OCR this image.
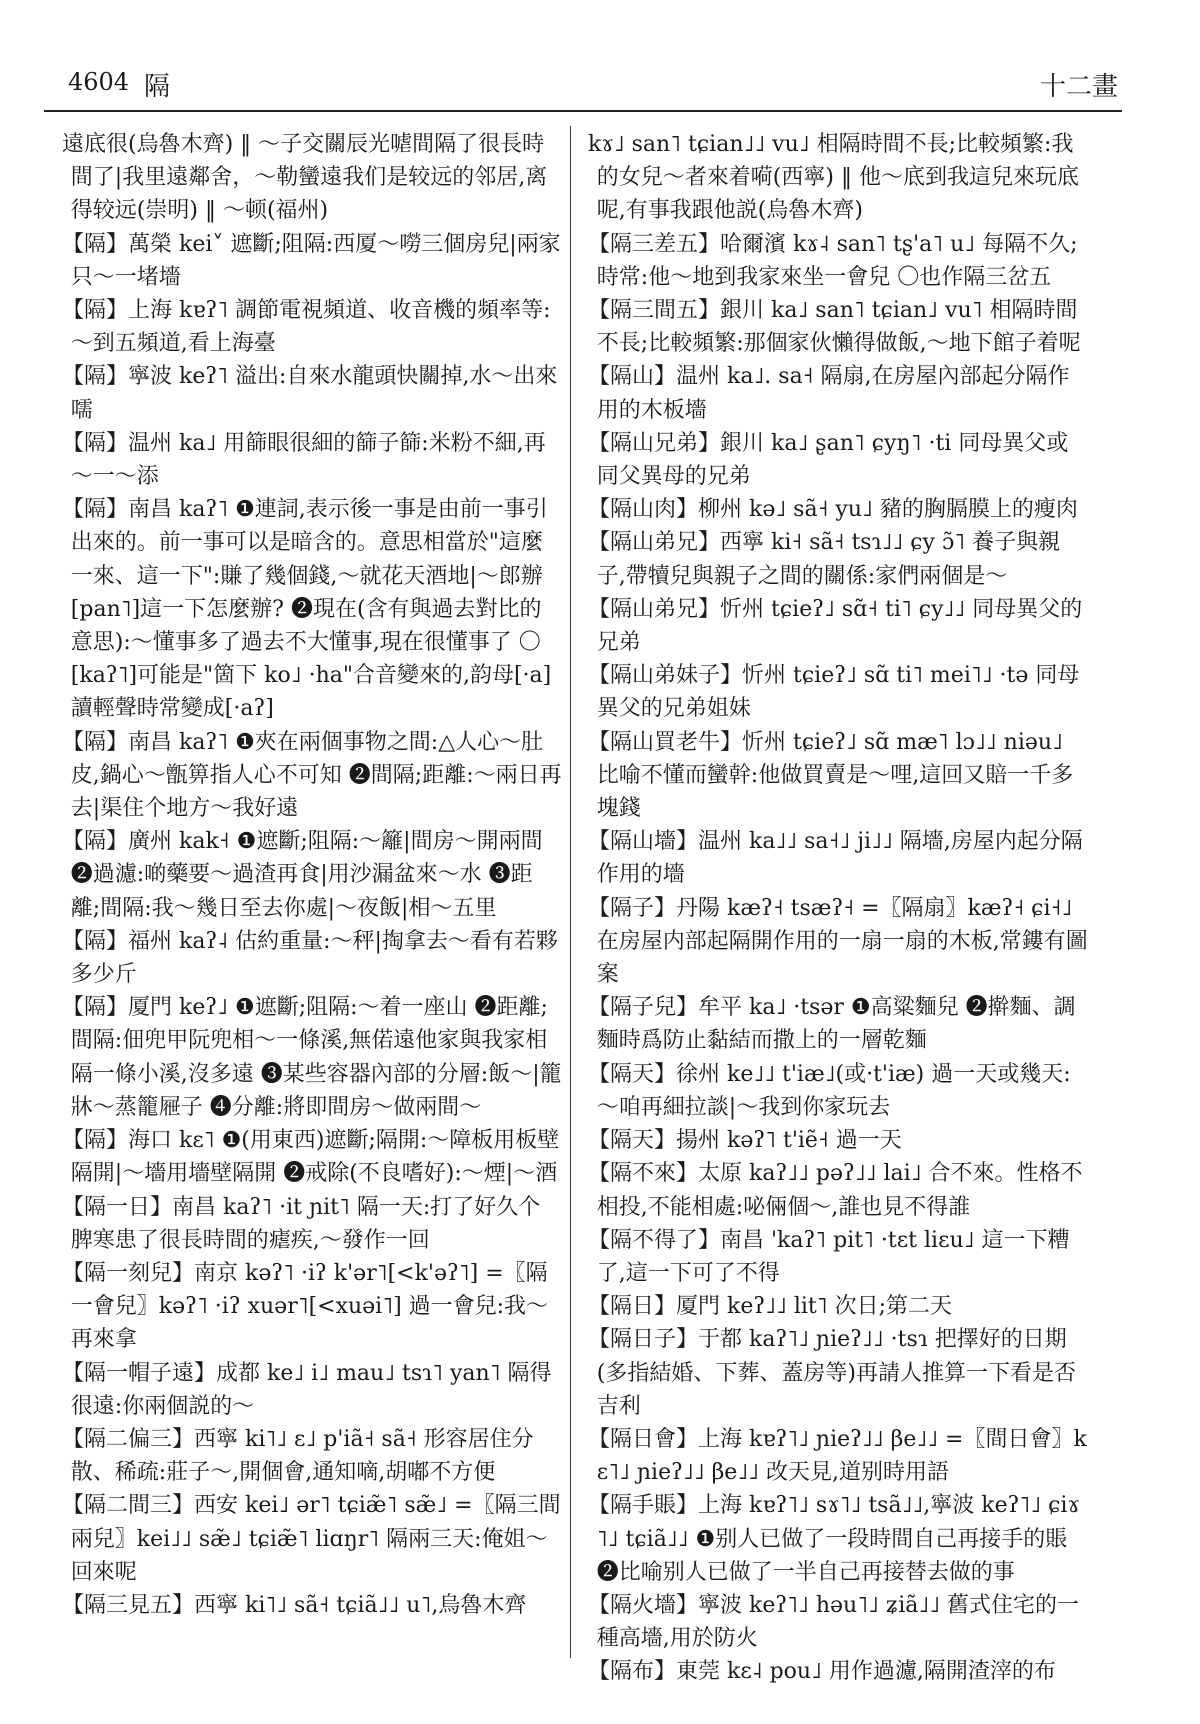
4604 隔	十二畫
遠底很(烏魯木齊) ‖ ～子交關辰光㖸間隔了很長時間了|我里遠鄰舍，～勒蠻遠我们是较远的邻居,离得较远(崇明) ‖ ～顿(福州)
【隔】萬榮 kei˅ 遮斷;阻隔:西厦～嘮三個房兒|兩家只～一堵墻
【隔】上海 kɐʔ˥ 調節電視頻道、收音機的頻率等:～到五頻道,看上海臺
【隔】寧波 keʔ˥ 溢出:自來水龍頭快關掉,水～出來嚅
【隔】温州 ka˩ 用篩眼很細的篩子篩:米粉不細,再～一～添
【隔】南昌 kaʔ˥ ❶連詞,表示後一事是由前一事引出來的。前一事可以是暗含的。意思相當於"這麼一來、這一下":賺了幾個錢,～就花天酒地|～郎辦[pan˥]這一下怎麼辦? ❷現在(含有與過去對比的意思):～懂事多了過去不大懂事,現在很懂事了 〇[kaʔ˥]可能是"箇下 ko˩ ·ha"合音變來的,韵母[·a]讀輕聲時常變成[·aʔ]
【隔】南昌 kaʔ˥ ❶夾在兩個事物之間:△人心～肚皮,鍋心～甑箅指人心不可知 ❷間隔;距離:～兩日再去|渠住个地方～我好遠
【隔】廣州 kak˧ ❶遮斷;阻隔:～籬|間房～開兩間 ❷過濾:啲藥要～過渣再食|用沙漏盆來～水 ❸距離;間隔:我～幾日至去你處|～夜飯|相～五里
【隔】福州 kaʔ˨ 估約重量:～秤|掏拿去～看有若夥多少斤
【隔】厦門 keʔ˩ ❶遮斷;阻隔:～着一座山 ❷距離;間隔:佃兜甲阮兜相～一條溪,無偌遠他家與我家相隔一條小溪,沒多遠 ❸某些容器內部的分層:飯～|籠牀～蒸籠屜子 ❹分離:將即間房～做兩間～
【隔】海口 kɛ˥ ❶(用東西)遮斷;隔開:～障板用板壁隔開|～墻用墻壁隔開 ❷戒除(不良嗜好):～煙|～酒
【隔一日】南昌 kaʔ˥ ·it ɲit˥ 隔一天:打了好久个脾寒患了很長時間的瘧疾,～發作一回
【隔一刻兒】南京 kəʔ˥ ·iʔ k'ər˥[<k'əʔ˥] =〖隔一會兒〗kəʔ˥ ·iʔ xuər˥[<xuəi˥] 過一會兒:我～再來拿
【隔一帽子遠】成都 ke˩ i˩ mau˩ tsɿ˥ yan˥ 隔得很遠:你兩個説的～
【隔二偏三】西寧 ki˥˩ ɛ˩ p'iã˧ sã˧ 形容居住分散、稀疏:莊子～,開個會,通知嘀,胡嘟不方便
【隔二間三】西安 kei˩ ər˥ tɕiæ̃˥ sæ̃˩ =〖隔三間兩兒〗kei˩˩ sæ̃˩ tɕiæ̃˥ liɑŋr˥ 隔兩三天:俺姐～回來呢
【隔三見五】西寧 ki˥˩ sã˧ tɕiã˩˩ u˥,烏魯木齊
kɤ˩ san˥ tɕian˩˩ vu˩ 相隔時間不長;比較頻繁:我的女兒～者來着嗬(西寧) ‖ 他～底到我這兒來玩底呢,有事我跟他説(烏魯木齊)
【隔三差五】哈爾濱 kɤ˨ san˥ tʂ'a˥ u˩ 每隔不久;時常:他～地到我家來坐一會兒 〇也作隔三岔五
【隔三間五】銀川 ka˩ san˥ tɕian˩ vu˥ 相隔時間不長;比較頻繁:那個家伙懶得做飯,～地下館子着呢
【隔山】温州 ka˩. sa˧ 隔扇,在房屋內部起分隔作用的木板墻
【隔山兄弟】銀川 ka˩ ʂan˥ ɕyŋ˥ ·ti 同母異父或同父異母的兄弟
【隔山肉】柳州 kə˩ sã˧ yu˩ 豬的胸膈膜上的瘦肉
【隔山弟兄】西寧 ki˧ sã˧ tsɿ˩˩ ɕy ɔ̃˥ 養子與親子,帶犢兒與親子之間的關係:家們兩個是～
【隔山弟兄】忻州 tɕieʔ˩ sɑ̃˧ ti˥ ɕy˩˩ 同母異父的兄弟
【隔山弟妹子】忻州 tɕieʔ˩ sɑ̃ ti˥ mei˥˩ ·tə 同母異父的兄弟姐妹
【隔山買老牛】忻州 tɕieʔ˩ sɑ̃ mæ˥ lɔ˩˩ niəu˩ 比喻不懂而蠻幹:他做買賣是～哩,這回又賠一千多塊錢
【隔山墻】温州 ka˩˩ sa˧˩ ji˩˩ 隔墻,房屋内起分隔作用的墻
【隔子】丹陽 kæʔ˧ tsæʔ˧ =〖隔扇〗kæʔ˧ ɕi˧˩ 在房屋内部起隔開作用的一扇一扇的木板,常鏤有圖案
【隔子兒】牟平 ka˩ ·tsər ❶高粱麵兒 ❷擀麵、調麵時爲防止黏結而撒上的一層乾麵
【隔天】徐州 ke˩˩ t'iæ˩(或·t'iæ) 過一天或幾天:～咱再細拉談|～我到你家玩去
【隔天】揚州 kəʔ˥ t'iẽ˧ 過一天
【隔不來】太原 kaʔ˩˩ pəʔ˩˩ lai˩ 合不來。性格不相投,不能相處:咇倆個～,誰也見不得誰
【隔不得了】南昌 'kaʔ˥ pit˥ ·tɛt liɛu˩ 這一下糟了,這一下可了不得
【隔日】厦門 keʔ˩˩ lit˥ 次日;第二天
【隔日子】于都 kaʔ˥˩ ɲieʔ˩˩ ·tsɿ 把擇好的日期(多指結婚、下葬、蓋房等)再請人推算一下看是否吉利
【隔日會】上海 kɐʔ˥˩ ɲieʔ˩˩ βe˩˩ =〖間日會〗kɛ˥˩ ɲieʔ˩˩ βe˩˩ 改天見,道别時用語
【隔手賬】上海 kɐʔ˥˩ sɤ˥˩ tsã˩˩,寧波 keʔ˥˩ ɕiɤ˥˩ tɕiã˩˩ ❶别人已做了一段時間自己再接手的賬 ❷比喻别人已做了一半自己再接替去做的事
【隔火墻】寧波 keʔ˥˩ həu˥˩ ʑiã˩˩ 舊式住宅的一種高墻,用於防火
【隔布】東莞 kɛ˨ pou˩ 用作過濾,隔開渣滓的布
